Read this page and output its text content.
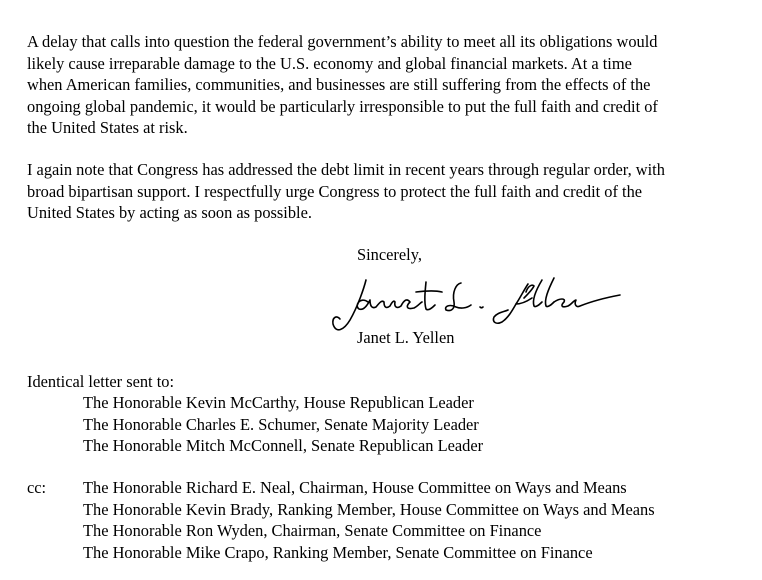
A delay that calls into question the federal government’s ability to meet all its obligations would
likely cause irreparable damage to the U.S. economy and global financial markets. At a time
when American families, communities, and businesses are still suffering from the effects of the
ongoing global pandemic, it would be particularly irresponsible to put the full faith and credit of
the United States at risk.
I again note that Congress has addressed the debt limit in recent years through regular order, with
broad bipartisan support. I respectfully urge Congress to protect the full faith and credit of the
United States by acting as soon as possible.

Sincerely,

Janet L. Yellen

Identical letter sent to:

The Honorable Kevin McCarthy, House Republican Leader
The Honorable Charles E. Schumer, Senate Majority Leader
The Honorable Mitch McConnell, Senate Republican Leader

cc: The Honorable Richard E. Neal, Chairman, House Committee on Ways and Means
The Honorable Kevin Brady, Ranking Member, House Committee on Ways and Means
The Honorable Ron Wyden, Chairman, Senate Committee on Finance
The Honorable Mike Crapo, Ranking Member, Senate Committee on Finance
